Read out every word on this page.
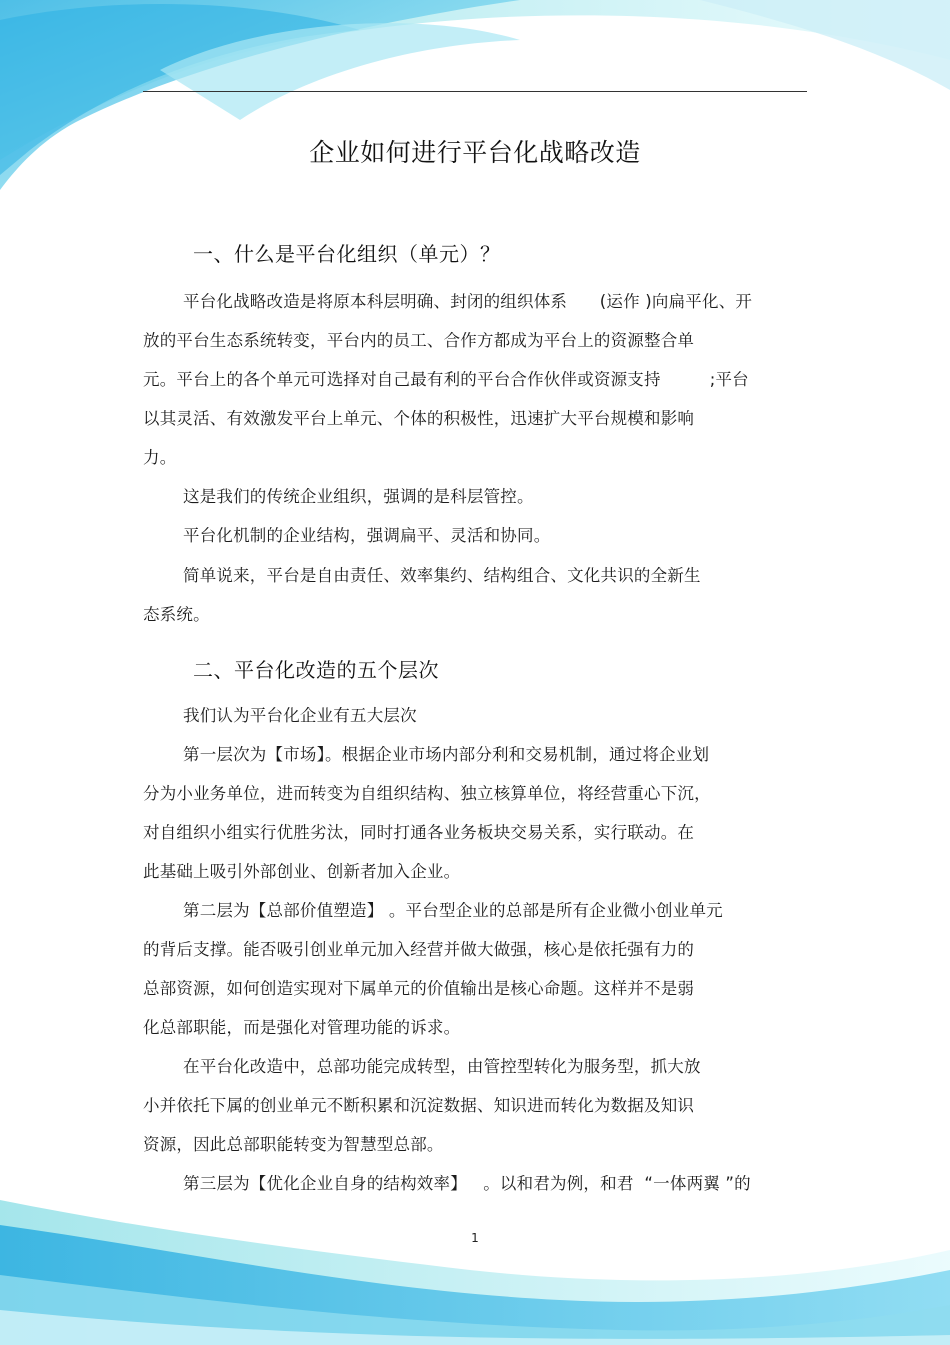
企业如何进行平台化战略改造
一、什么是平台化组织（单元）？
平台化战略改造是将原本科层明确、封闭的组织体系      (运作 )向扁平化、开
放的平台生态系统转变，平台内的员工、合作方都成为平台上的资源整合单
元。平台上的各个单元可选择对自己最有利的平台合作伙伴或资源支持         ;平台
以其灵活、有效激发平台上单元、个体的积极性，迅速扩大平台规模和影响
力。
这是我们的传统企业组织，强调的是科层管控。
平台化机制的企业结构，强调扁平、灵活和协同。
简单说来，平台是自由责任、效率集约、结构组合、文化共识的全新生
态系统。
二、平台化改造的五个层次
我们认为平台化企业有五大层次
第一层次为【市场】。根据企业市场内部分利和交易机制，通过将企业划
分为小业务单位，进而转变为自组织结构、独立核算单位，将经营重心下沉，
对自组织小组实行优胜劣汰，同时打通各业务板块交易关系，实行联动。在
此基础上吸引外部创业、创新者加入企业。
第二层为【总部价值塑造】 。平台型企业的总部是所有企业微小创业单元
的背后支撑。能否吸引创业单元加入经营并做大做强，核心是依托强有力的
总部资源，如何创造实现对下属单元的价值输出是核心命题。这样并不是弱
化总部职能，而是强化对管理功能的诉求。
在平台化改造中，总部功能完成转型，由管控型转化为服务型，抓大放
小并依托下属的创业单元不断积累和沉淀数据、知识进而转化为数据及知识
资源，因此总部职能转变为智慧型总部。
第三层为【优化企业自身的结构效率】   。以和君为例，和君  “一体两翼 ”的
1
